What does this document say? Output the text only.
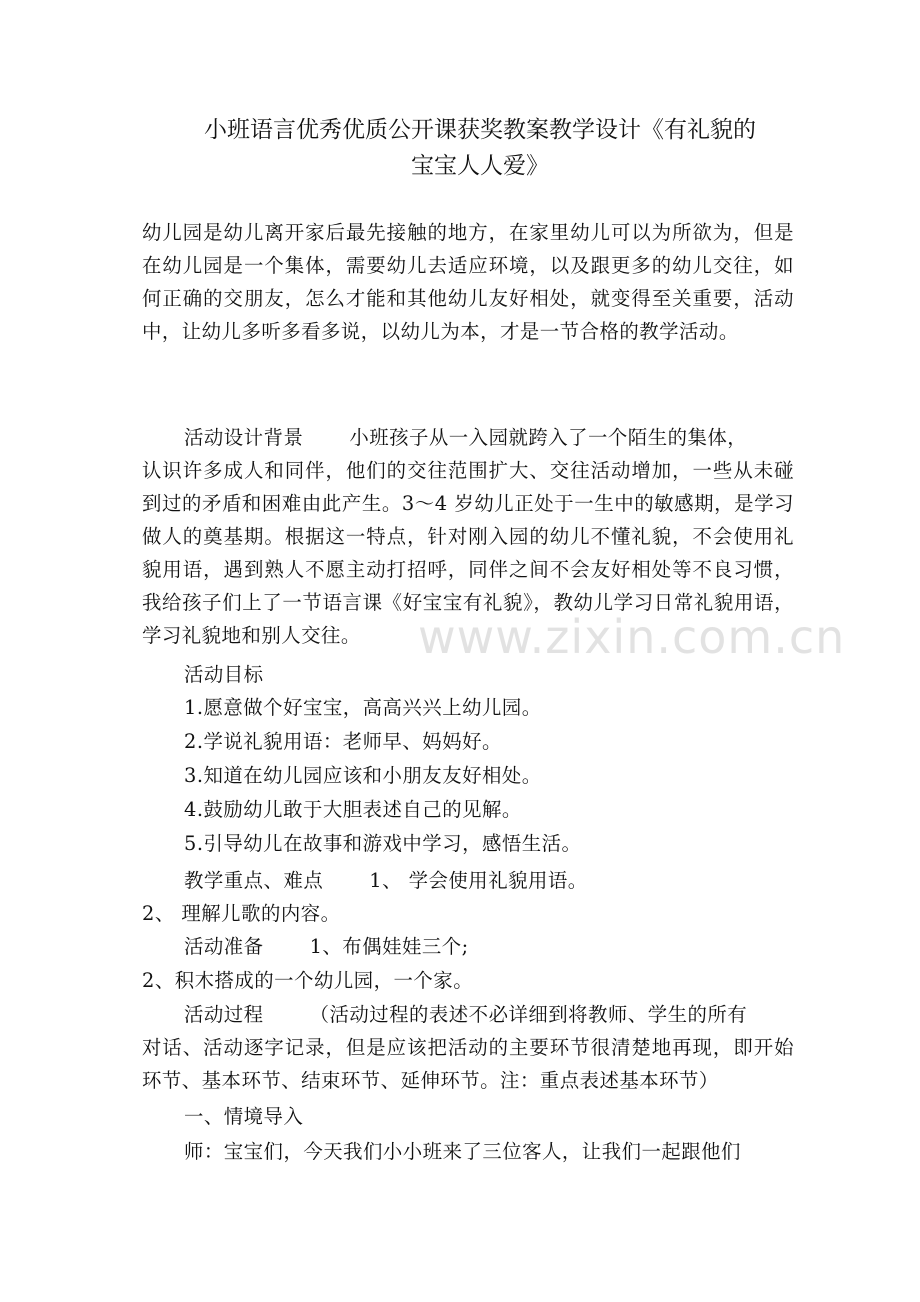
小班语言优秀优质公开课获奖教案教学设计《有礼貌的
宝宝人人爱》
幼儿园是幼儿离开家后最先接触的地方，在家里幼儿可以为所欲为，但是在幼儿园是一个集体，需要幼儿去适应环境，以及跟更多的幼儿交往，如何正确的交朋友，怎么才能和其他幼儿友好相处，就变得至关重要，活动中，让幼儿多听多看多说，以幼儿为本，才是一节合格的教学活动。
活动设计背景 小班孩子从一入园就跨入了一个陌生的集体，
认识许多成人和同伴，他们的交往范围扩大、交往活动增加，一些从未碰到过的矛盾和困难由此产生。3～4 岁幼儿正处于一生中的敏感期，是学习做人的奠基期。根据这一特点，针对刚入园的幼儿不懂礼貌，不会使用礼貌用语，遇到熟人不愿主动打招呼，同伴之间不会友好相处等不良习惯，我给孩子们上了一节语言课《好宝宝有礼貌》，教幼儿学习日常礼貌用语，学习礼貌地和别人交往。
活动目标
1.愿意做个好宝宝，高高兴兴上幼儿园。
2.学说礼貌用语：老师早、妈妈好。
3.知道在幼儿园应该和小朋友友好相处。
4.鼓励幼儿敢于大胆表述自己的见解。
5.引导幼儿在故事和游戏中学习，感悟生活。
教学重点、难点 1、 学会使用礼貌用语。
2、 理解儿歌的内容。
活动准备 1、布偶娃娃三个;
2、积木搭成的一个幼儿园，一个家。
活动过程 （活动过程的表述不必详细到将教师、学生的所有
对话、活动逐字记录，但是应该把活动的主要环节很清楚地再现，即开始环节、基本环节、结束环节、延伸环节。注：重点表述基本环节）
一、情境导入
师：宝宝们，今天我们小小班来了三位客人，让我们一起跟他们
www.zixin.com.cn
